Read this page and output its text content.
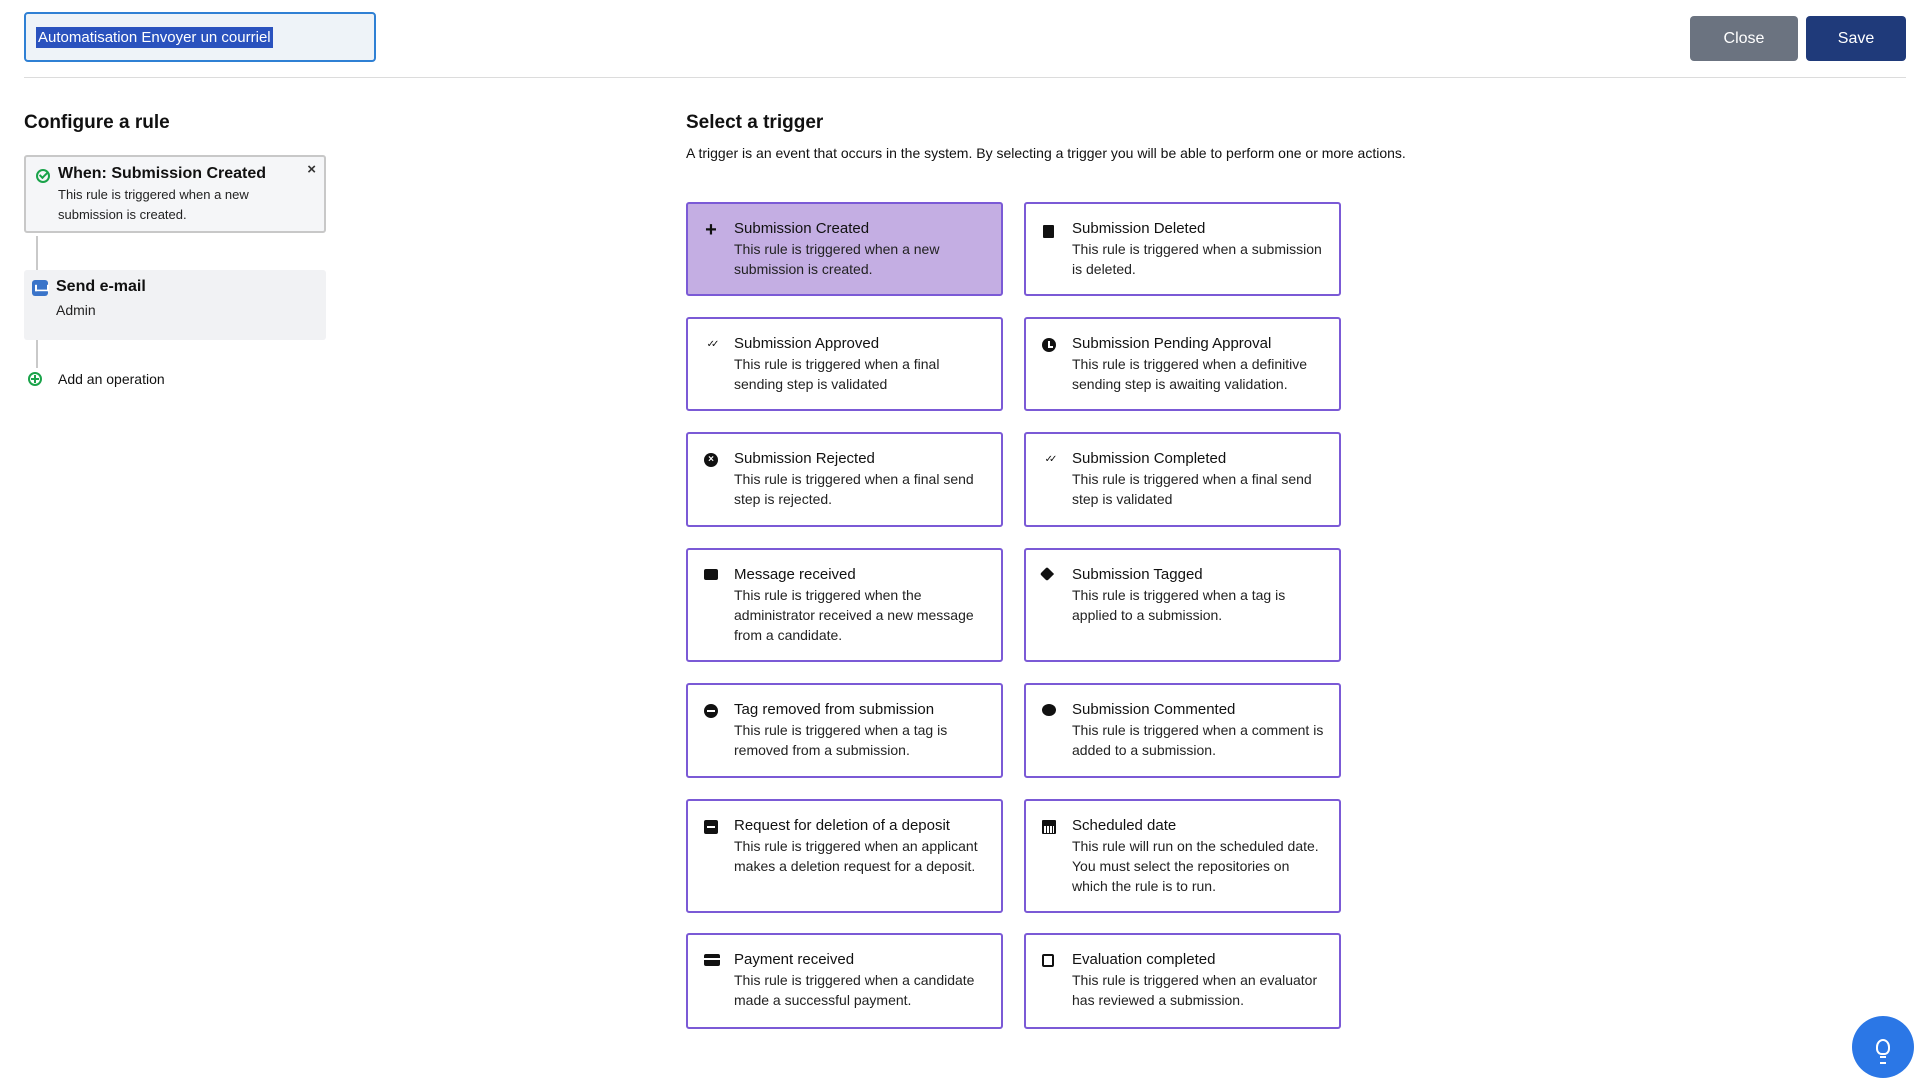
Automatisation Envoyer un courriel	Close	Save
Configure a rule
When: Submission Created
This rule is triggered when a new submission is created.
×
Send e-mail
Admin
Add an operation
Select a trigger
A trigger is an event that occurs in the system. By selecting a trigger you will be able to perform one or more actions.
+
Submission Created
This rule is triggered when a new submission is created.
Submission Deleted
This rule is triggered when a submission is deleted.
✓✓
Submission Approved
This rule is triggered when a final sending step is validated
Submission Pending Approval
This rule is triggered when a definitive sending step is awaiting validation.
×
Submission Rejected
This rule is triggered when a final send step is rejected.
✓✓
Submission Completed
This rule is triggered when a final send step is validated
Message received
This rule is triggered when the administrator received a new message from a candidate.
Submission Tagged
This rule is triggered when a tag is applied to a submission.
Tag removed from submission
This rule is triggered when a tag is removed from a submission.
Submission Commented
This rule is triggered when a comment is added to a submission.
Request for deletion of a deposit
This rule is triggered when an applicant makes a deletion request for a deposit.
Scheduled date
This rule will run on the scheduled date. You must select the repositories on which the rule is to run.
Payment received
This rule is triggered when a candidate made a successful payment.
Evaluation completed
This rule is triggered when an evaluator has reviewed a submission.
